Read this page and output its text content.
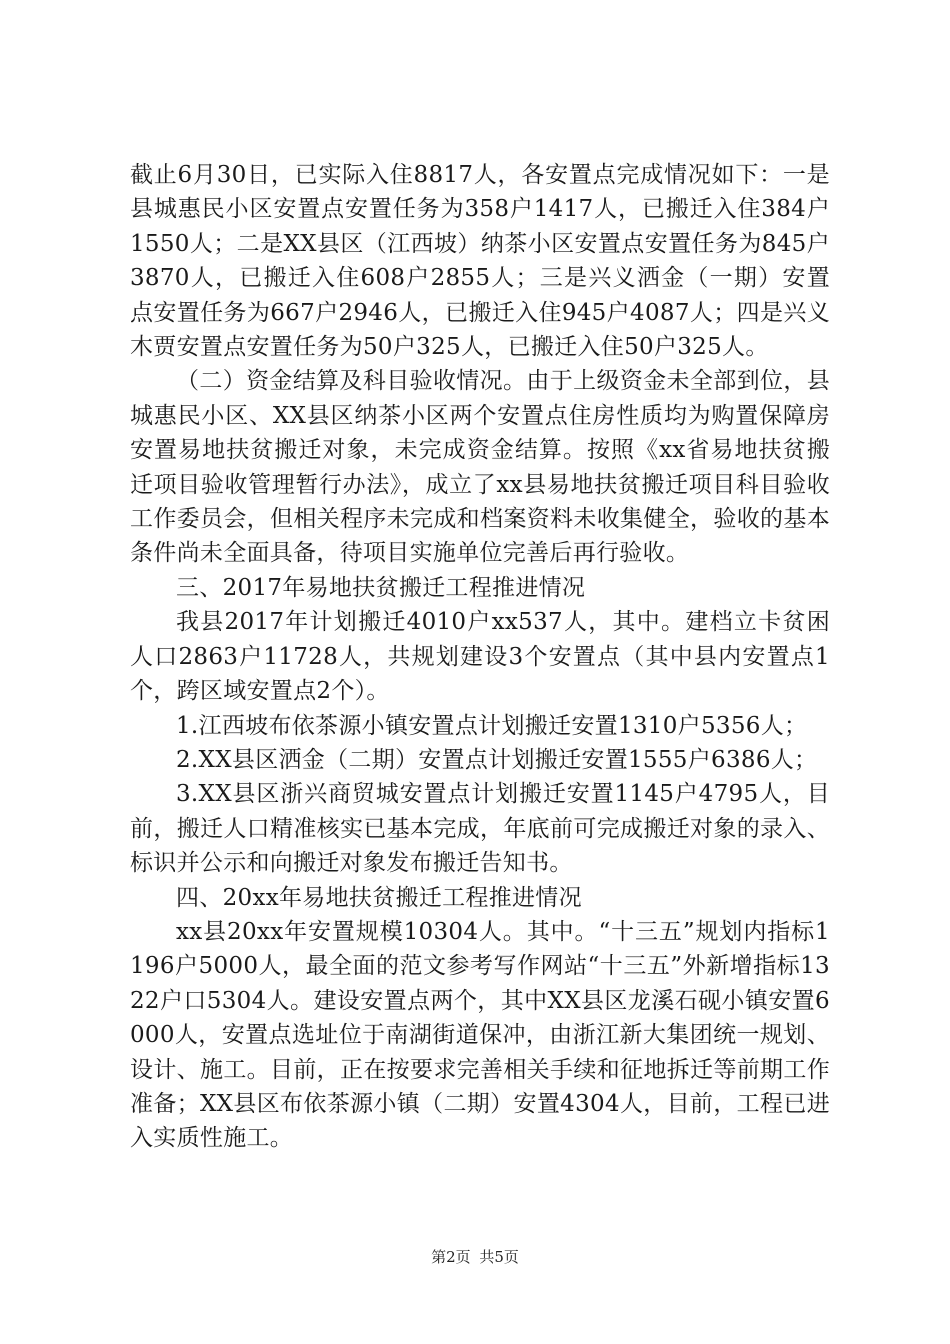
截止6月30日，已实际入住8817人，各安置点完成情况如下：一是县城惠民小区安置点安置任务为358户1417人，已搬迁入住384户1550人；二是XX县区（江西坡）纳茶小区安置点安置任务为845户3870人，已搬迁入住608户2855人；三是兴义洒金（一期）安置点安置任务为667户2946人，已搬迁入住945户4087人；四是兴义木贾安置点安置任务为50户325人，已搬迁入住50户325人。

（二）资金结算及科目验收情况。由于上级资金未全部到位，县城惠民小区、XX县区纳茶小区两个安置点住房性质均为购置保障房安置易地扶贫搬迁对象，未完成资金结算。按照《xx省易地扶贫搬迁项目验收管理暂行办法》，成立了xx县易地扶贫搬迁项目科目验收工作委员会，但相关程序未完成和档案资料未收集健全，验收的基本条件尚未全面具备，待项目实施单位完善后再行验收。

三、2017年易地扶贫搬迁工程推进情况

我县2017年计划搬迁4010户xx537人，其中。建档立卡贫困人口2863户11728人，共规划建设3个安置点（其中县内安置点1个，跨区域安置点2个）。

1.江西坡布依茶源小镇安置点计划搬迁安置1310户5356人；

2.XX县区洒金（二期）安置点计划搬迁安置1555户6386人；

3.XX县区浙兴商贸城安置点计划搬迁安置1145户4795人，目前，搬迁人口精准核实已基本完成，年底前可完成搬迁对象的录入、标识并公示和向搬迁对象发布搬迁告知书。

四、20xx年易地扶贫搬迁工程推进情况

xx县20xx年安置规模10304人。其中。“十三五”规划内指标1196户5000人，最全面的范文参考写作网站“十三五”外新增指标1322户口5304人。建设安置点两个，其中XX县区龙溪石砚小镇安置6000人，安置点选址位于南湖街道保冲，由浙江新大集团统一规划、设计、施工。目前，正在按要求完善相关手续和征地拆迁等前期工作准备；XX县区布依茶源小镇（二期）安置4304人，目前，工程已进入实质性施工。

第2页 共5页
